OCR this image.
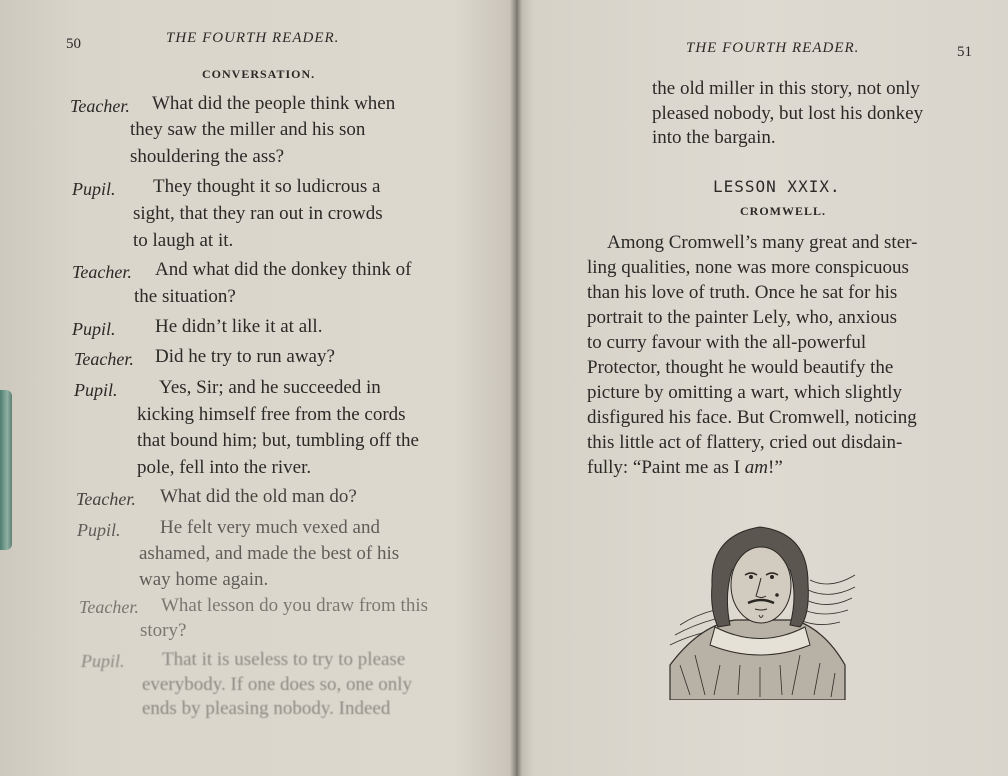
50	THE FOURTH READER.
CONVERSATION.
Teacher. What did the people think when
they saw the miller and his son
shouldering the ass?
Pupil. They thought it so ludicrous a
sight, that they ran out in crowds
to laugh at it.
Teacher. And what did the donkey think of
the situation?
Pupil. He didn’t like it at all.
Teacher. Did he try to run away?
Pupil. Yes, Sir; and he succeeded in
kicking himself free from the cords
that bound him; but, tumbling off the
pole, fell into the river.
Teacher. What did the old man do?
Pupil. He felt very much vexed and
ashamed, and made the best of his
way home again.
Teacher. What lesson do you draw from this
story?
Pupil. That it is useless to try to please
everybody. If one does so, one only
ends by pleasing nobody. Indeed
THE FOURTH READER.	51
the old miller in this story, not only
pleased nobody, but lost his donkey
into the bargain.
LESSON XXIX.
CROMWELL.
Among Cromwell’s many great and ster-
ling qualities, none was more conspicuous
than his love of truth. Once he sat for his
portrait to the painter Lely, who, anxious
to curry favour with the all-powerful
Protector, thought he would beautify the
picture by omitting a wart, which slightly
disfigured his face. But Cromwell, noticing
this little act of flattery, cried out disdain-
fully: “Paint me as I am!”
